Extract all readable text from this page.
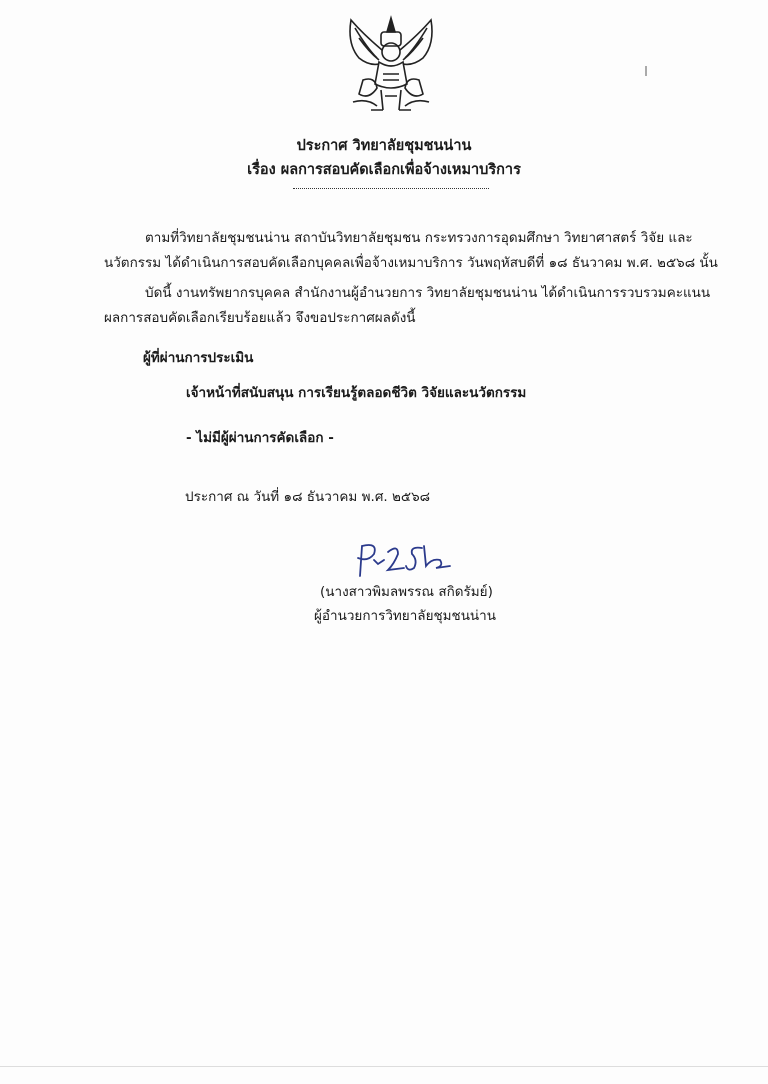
ประกาศ วิทยาลัยชุมชนน่าน
เรื่อง ผลการสอบคัดเลือกเพื่อจ้างเหมาบริการ
ตามที่วิทยาลัยชุมชนน่าน สถาบันวิทยาลัยชุมชน กระทรวงการอุดมศึกษา วิทยาศาสตร์ วิจัย และ
นวัตกรรม ได้ดำเนินการสอบคัดเลือกบุคคลเพื่อจ้างเหมาบริการ วันพฤหัสบดีที่ ๑๘ ธันวาคม พ.ศ. ๒๕๖๘ นั้น
บัดนี้ งานทรัพยากรบุคคล สำนักงานผู้อำนวยการ วิทยาลัยชุมชนน่าน ได้ดำเนินการรวบรวมคะแนน
ผลการสอบคัดเลือกเรียบร้อยแล้ว จึงขอประกาศผลดังนี้
ผู้ที่ผ่านการประเมิน
เจ้าหน้าที่สนับสนุน การเรียนรู้ตลอดชีวิต วิจัยและนวัตกรรม
- ไม่มีผู้ผ่านการคัดเลือก -
ประกาศ ณ วันที่ ๑๘ ธันวาคม พ.ศ. ๒๕๖๘
(นางสาวพิมลพรรณ สกิดรัมย์)
ผู้อำนวยการวิทยาลัยชุมชนน่าน
